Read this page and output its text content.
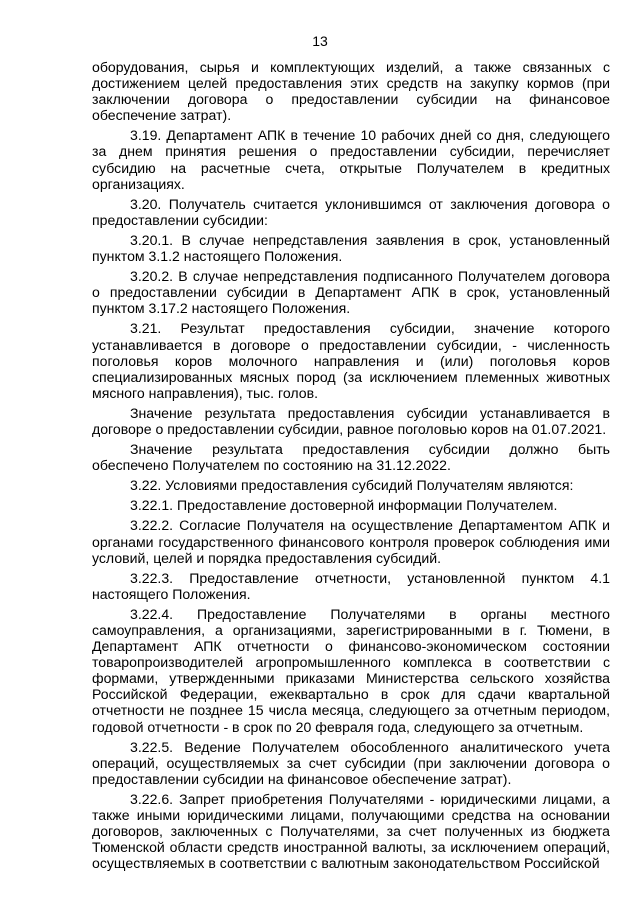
13

оборудования, сырья и комплектующих изделий, а также связанных с достижением целей предоставления этих средств на закупку кормов (при заключении договора о предоставлении субсидии на финансовое обеспечение затрат).

3.19. Департамент АПК в течение 10 рабочих дней со дня, следующего за днем принятия решения о предоставлении субсидии, перечисляет субсидию на расчетные счета, открытые Получателем в кредитных организациях.

3.20. Получатель считается уклонившимся от заключения договора о предоставлении субсидии:

3.20.1. В случае непредставления заявления в срок, установленный пунктом 3.1.2 настоящего Положения.

3.20.2. В случае непредставления подписанного Получателем договора о предоставлении субсидии в Департамент АПК в срок, установленный пунктом 3.17.2 настоящего Положения.

3.21. Результат предоставления субсидии, значение которого устанавливается в договоре о предоставлении субсидии, - численность поголовья коров молочного направления и (или) поголовья коров специализированных мясных пород (за исключением племенных животных мясного направления), тыс. голов.

Значение результата предоставления субсидии устанавливается в договоре о предоставлении субсидии, равное поголовью коров на 01.07.2021.

Значение результата предоставления субсидии должно быть обеспечено Получателем по состоянию на 31.12.2022.

3.22. Условиями предоставления субсидий Получателям являются:

3.22.1. Предоставление достоверной информации Получателем.

3.22.2. Согласие Получателя на осуществление Департаментом АПК и органами государственного финансового контроля проверок соблюдения ими условий, целей и порядка предоставления субсидий.

3.22.3. Предоставление отчетности, установленной пунктом 4.1 настоящего Положения.

3.22.4. Предоставление Получателями в органы местного самоуправления, а организациями, зарегистрированными в г. Тюмени, в Департамент АПК отчетности о финансово-экономическом состоянии товаропроизводителей агропромышленного комплекса в соответствии с формами, утвержденными приказами Министерства сельского хозяйства Российской Федерации, ежеквартально в срок для сдачи квартальной отчетности не позднее 15 числа месяца, следующего за отчетным периодом, годовой отчетности - в срок по 20 февраля года, следующего за отчетным.

3.22.5. Ведение Получателем обособленного аналитического учета операций, осуществляемых за счет субсидии (при заключении договора о предоставлении субсидии на финансовое обеспечение затрат).

3.22.6. Запрет приобретения Получателями - юридическими лицами, а также иными юридическими лицами, получающими средства на основании договоров, заключенных с Получателями, за счет полученных из бюджета Тюменской области средств иностранной валюты, за исключением операций, осуществляемых в соответствии с валютным законодательством Российской
